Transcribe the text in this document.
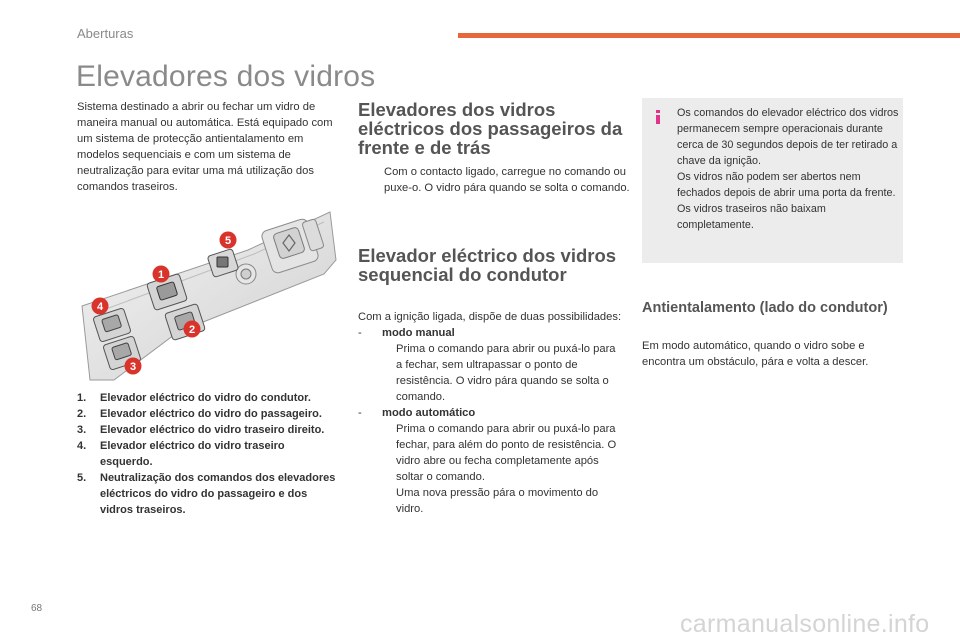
Aberturas
Elevadores dos vidros
Sistema destinado a abrir ou fechar um vidro de maneira manual ou automática. Está equipado com um sistema de protecção antientalamento em modelos sequenciais e com um sistema de neutralização para evitar uma má utilização dos comandos traseiros.
1
2
3
4
5
1. Elevador eléctrico do vidro do condutor.
2. Elevador eléctrico do vidro do passageiro.
3. Elevador eléctrico do vidro traseiro direito.
4. Elevador eléctrico do vidro traseiro esquerdo.
5. Neutralização dos comandos dos elevadores eléctricos do vidro do passageiro e dos vidros traseiros.
Elevadores dos vidros eléctricos dos passageiros da frente e de trás
Com o contacto ligado, carregue no comando ou puxe-o. O vidro pára quando se solta o comando.
Elevador eléctrico dos vidros sequencial do condutor
Com a ignição ligada, dispõe de duas possibilidades:
- modo manual
Prima o comando para abrir ou puxá-lo para a fechar, sem ultrapassar o ponto de resistência. O vidro pára quando se solta o comando.
- modo automático
Prima o comando para abrir ou puxá-lo para fechar, para além do ponto de resistência. O vidro abre ou fecha completamente após soltar o comando.
Uma nova pressão pára o movimento do vidro.
Os comandos do elevador eléctrico dos vidros permanecem sempre operacionais durante cerca de 30 segundos depois de ter retirado a chave da ignição.
Os vidros não podem ser abertos nem fechados depois de abrir uma porta da frente.
Os vidros traseiros não baixam completamente.
Antientalamento (lado do condutor)
Em modo automático, quando o vidro sobe e encontra um obstáculo, pára e volta a descer.
68
carmanualsonline.info
